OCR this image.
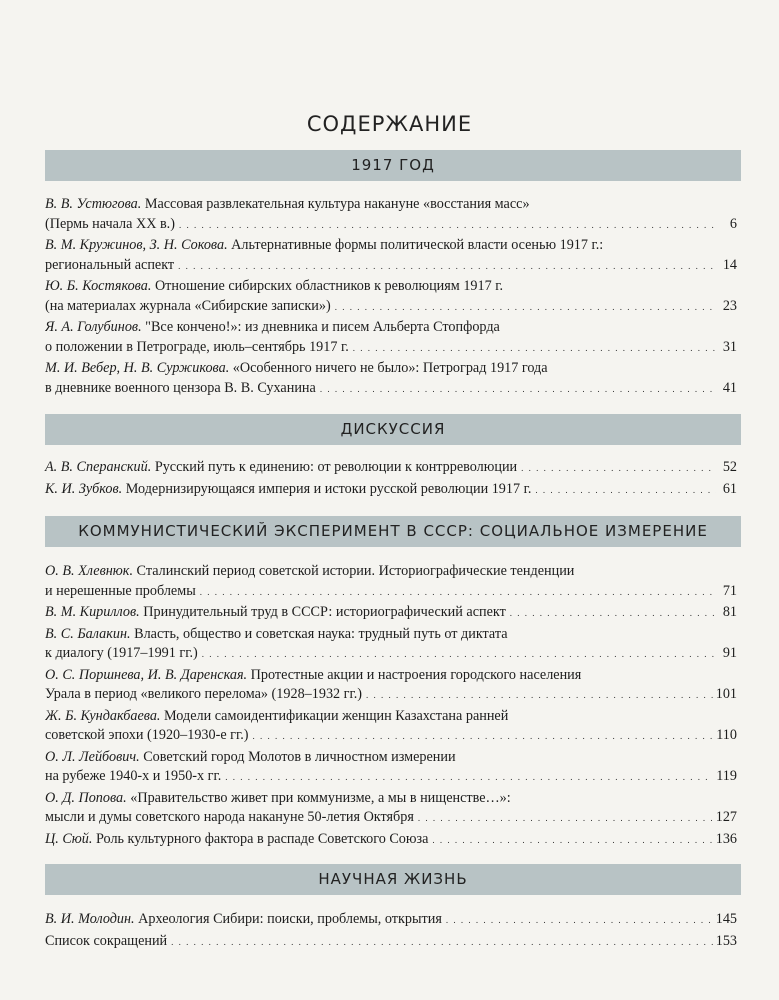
СОДЕРЖАНИЕ
1917 ГОД
В. В. Устюгова. Массовая развлекательная культура накануне «восстания масс»
(Пермь начала XX в.) . . .	6
В. М. Кружинов, З. Н. Сокова. Альтернативные формы политической власти осенью 1917 г.:
региональный аспект . . .	14
Ю. Б. Костякова. Отношение сибирских областников к революциям 1917 г.
(на материалах журнала «Сибирские записки») . . .	23
Я. А. Голубинов. "Все кончено!»: из дневника и писем Альберта Стопфорда
о положении в Петрограде, июль–сентябрь 1917 г. . . .	31
М. И. Вебер, Н. В. Суржикова. «Особенного ничего не было»: Петроград 1917 года
в дневнике военного цензора В. В. Суханина . . .	41
ДИСКУССИЯ
А. В. Сперанский. Русский путь к единению: от революции к контрреволюции . . .	52
К. И. Зубков. Модернизирующаяся империя и истоки русской революции 1917 г. . . .	61
КОММУНИСТИЧЕСКИЙ ЭКСПЕРИМЕНТ В СССР: СОЦИАЛЬНОЕ ИЗМЕРЕНИЕ
О. В. Хлевнюк. Сталинский период советской истории. Историографические тенденции
и нерешенные проблемы . . .	71
В. М. Кириллов. Принудительный труд в СССР: историографический аспект . . .	81
В. С. Балакин. Власть, общество и советская наука: трудный путь от диктата
к диалогу (1917–1991 гг.) . . .	91
О. С. Поршнева, И. В. Даренская. Протестные акции и настроения городского населения
Урала в период «великого перелома» (1928–1932 гг.) . . .	101
Ж. Б. Кундакбаева. Модели самоидентификации женщин Казахстана ранней
советской эпохи (1920–1930-е гг.) . . .	110
О. Л. Лейбович. Советский город Молотов в личностном измерении
на рубеже 1940-х и 1950-х гг. . . .	119
О. Д. Попова. «Правительство живет при коммунизме, а мы в нищенстве…»:
мысли и думы советского народа накануне 50-летия Октября . . .	127
Ц. Сюй. Роль культурного фактора в распаде Советского Союза . . .	136
НАУЧНАЯ ЖИЗНЬ
В. И. Молодин. Археология Сибири: поиски, проблемы, открытия . . .	145
Список сокращений . . .	153
